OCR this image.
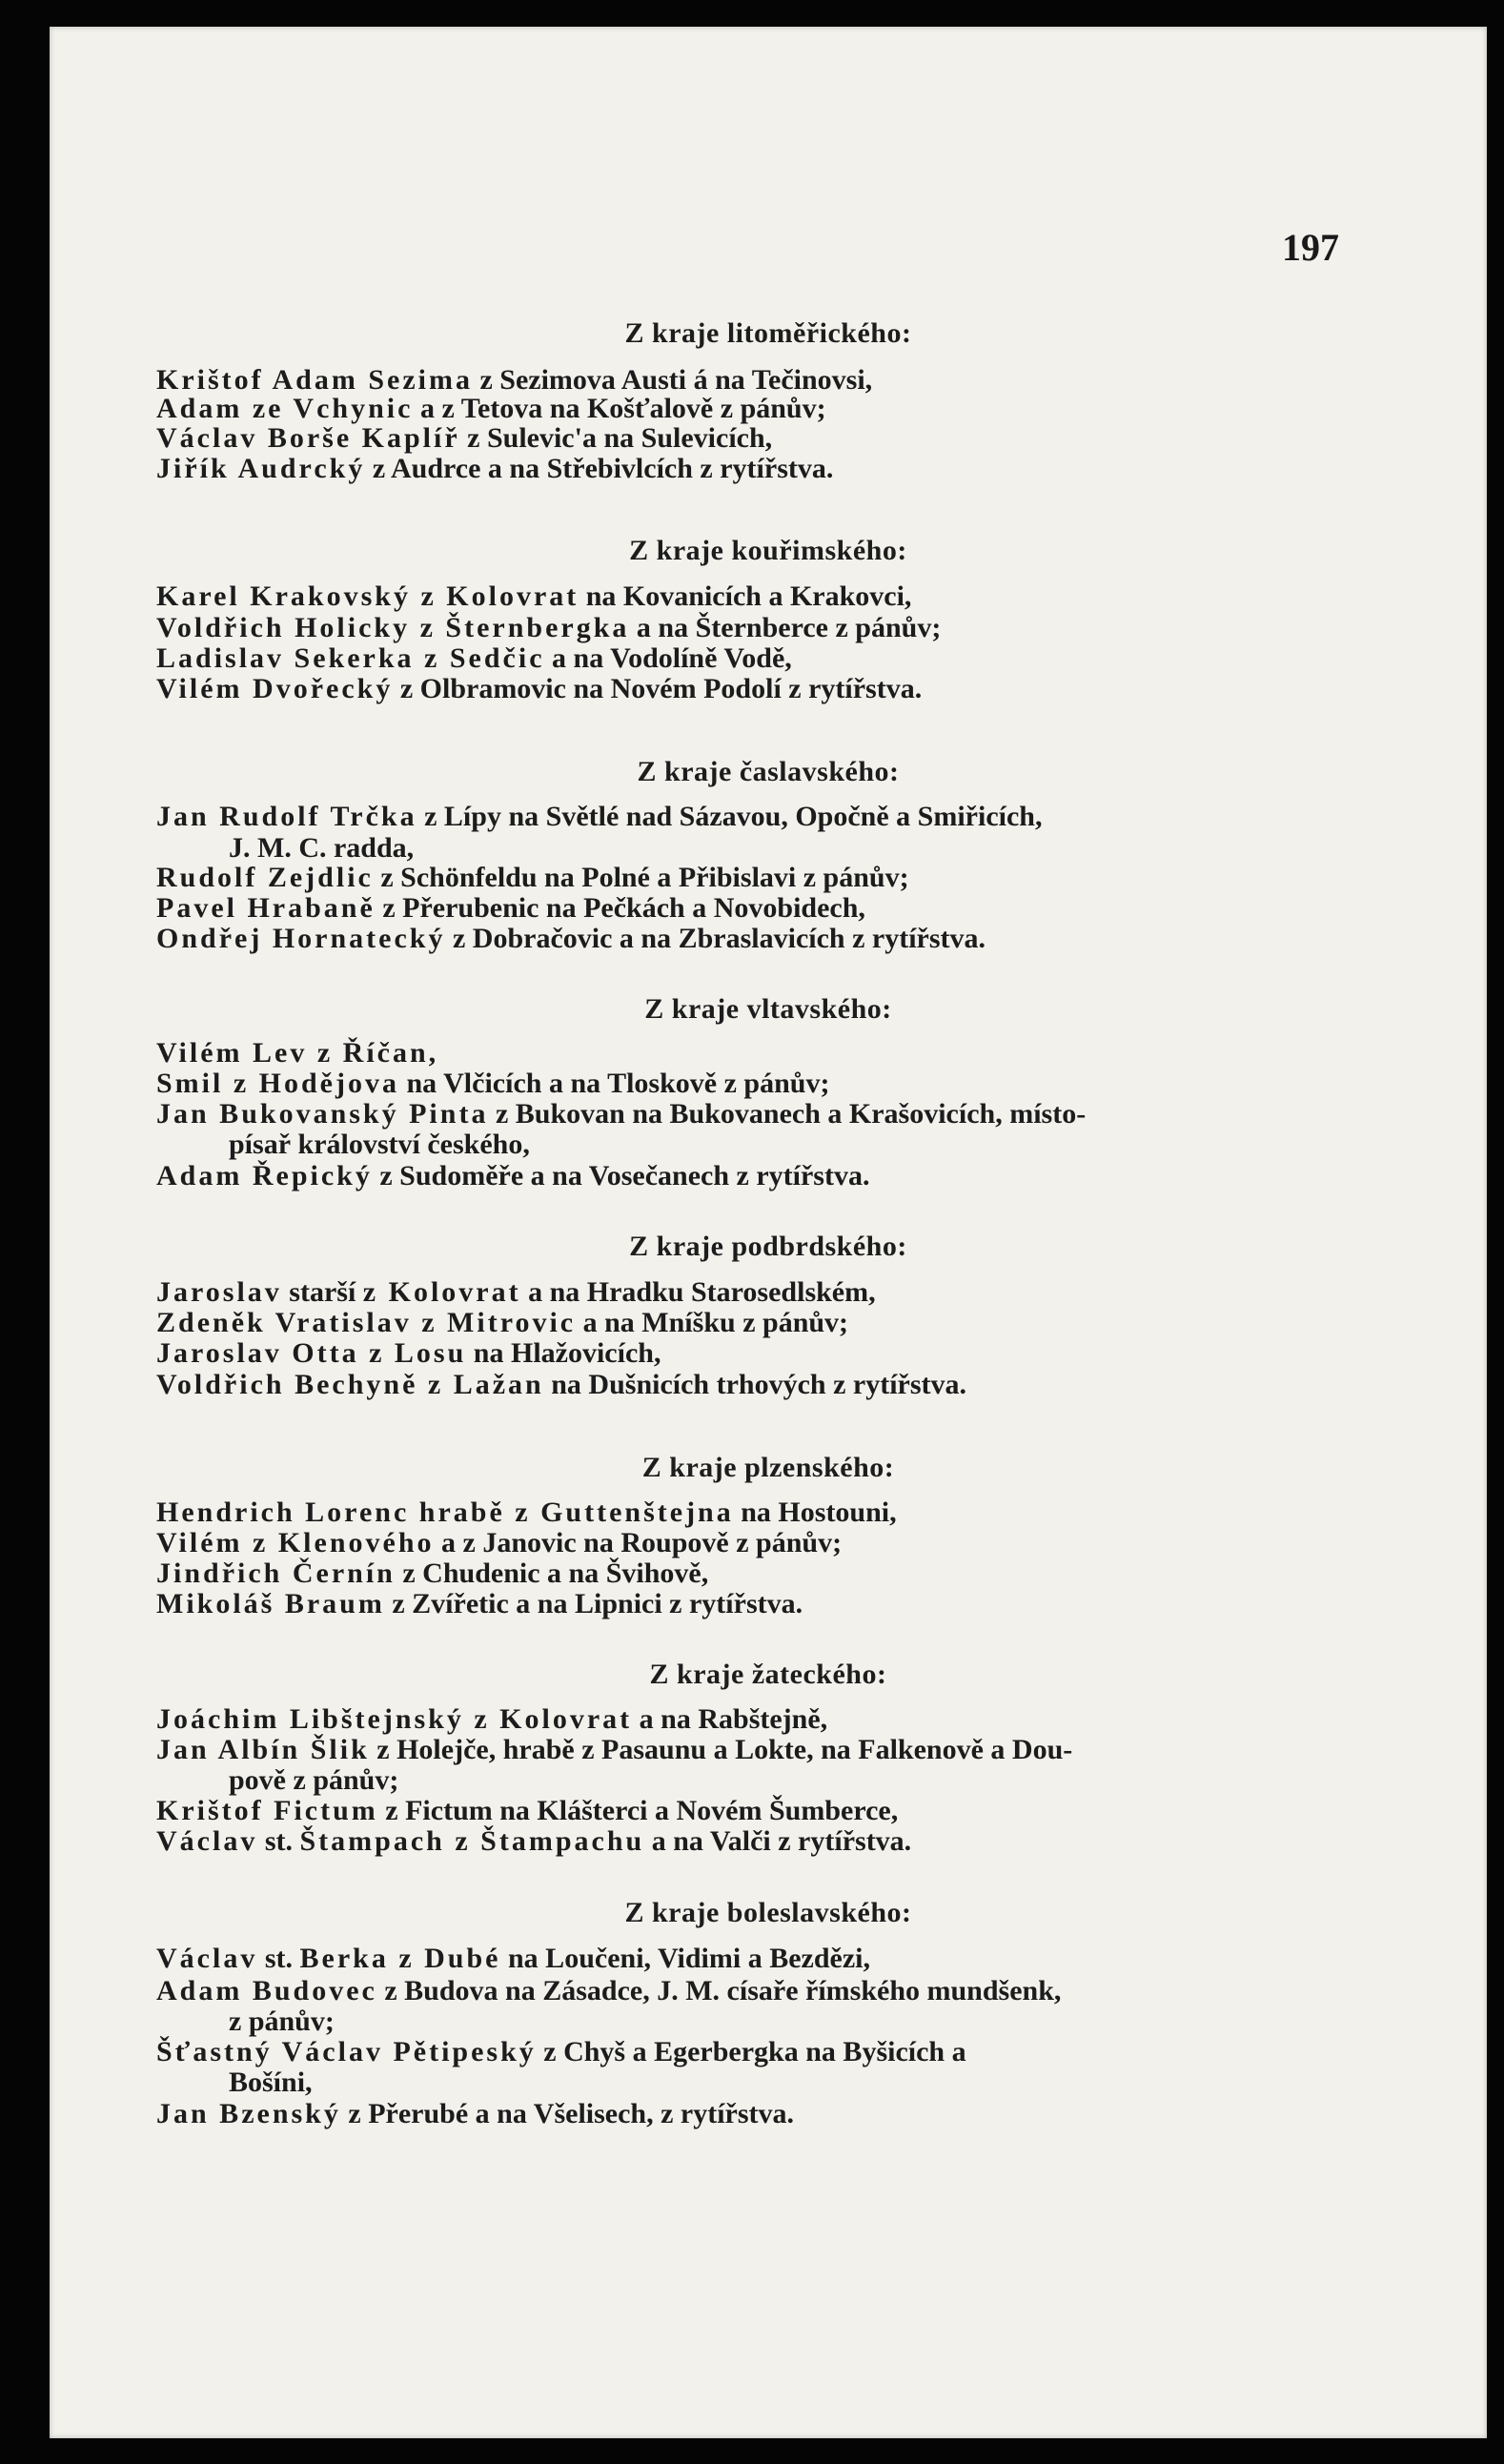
197
Z kraje litoměřického:
Krištof Adam Sezima z Sezimova Austi á na Tečinovsi,
Adam ze Vchynic a z Tetova na Košťalově z pánův;
Václav Borše Kaplíř z Sulevic'a na Sulevicích,
Jiřík Audrcký z Audrce a na Střebivlcích z rytířstva.
Z kraje kouřimského:
Karel Krakovský z Kolovrat na Kovanicích a Krakovci,
Voldřich Holicky z Šternbergka a na Šternberce z pánův;
Ladislav Sekerka z Sedčic a na Vodolíně Vodě,
Vilém Dvořecký z Olbramovic na Novém Podolí z rytířstva.
Z kraje časlavského:
Jan Rudolf Trčka z Lípy na Světlé nad Sázavou, Opočně a Smiřicích,
J. M. C. radda,
Rudolf Zejdlic z Schönfeldu na Polné a Přibislavi z pánův;
Pavel Hrabaně z Přerubenic na Pečkách a Novobidech,
Ondřej Hornatecký z Dobračovic a na Zbraslavicích z rytířstva.
Z kraje vltavského:
Vilém Lev z Říčan,
Smil z Hodějova na Vlčicích a na Tloskově z pánův;
Jan Bukovanský Pinta z Bukovan na Bukovanech a Krašovicích, místo-
písař království českého,
Adam Řepický z Sudoměře a na Vosečanech z rytířstva.
Z kraje podbrdského:
Jaroslav starší z Kolovrat a na Hradku Starosedlském,
Zdeněk Vratislav z Mitrovic a na Mníšku z pánův;
Jaroslav Otta z Losu na Hlažovicích,
Voldřich Bechyně z Lažan na Dušnicích trhových z rytířstva.
Z kraje plzenského:
Hendrich Lorenc hrabě z Guttenštejna na Hostouni,
Vilém z Klenového a z Janovic na Roupově z pánův;
Jindřich Černín z Chudenic a na Švihově,
Mikoláš Braum z Zvířetic a na Lipnici z rytířstva.
Z kraje žateckého:
Joáchim Libštejnský z Kolovrat a na Rabštejně,
Jan Albín Šlik z Holejče, hrabě z Pasaunu a Lokte, na Falkenově a Dou-
pově z pánův;
Krištof Fictum z Fictum na Klášterci a Novém Šumberce,
Václav st. Štampach z Štampachu a na Valči z rytířstva.
Z kraje boleslavského:
Václav st. Berka z Dubé na Loučeni, Vidimi a Bezdězi,
Adam Budovec z Budova na Zásadce, J. M. císaře římského mundšenk,
z pánův;
Šťastný Václav Pětipeský z Chyš a Egerbergka na Byšicích a
Bošíni,
Jan Bzenský z Přerubé a na Všelisech, z rytířstva.
